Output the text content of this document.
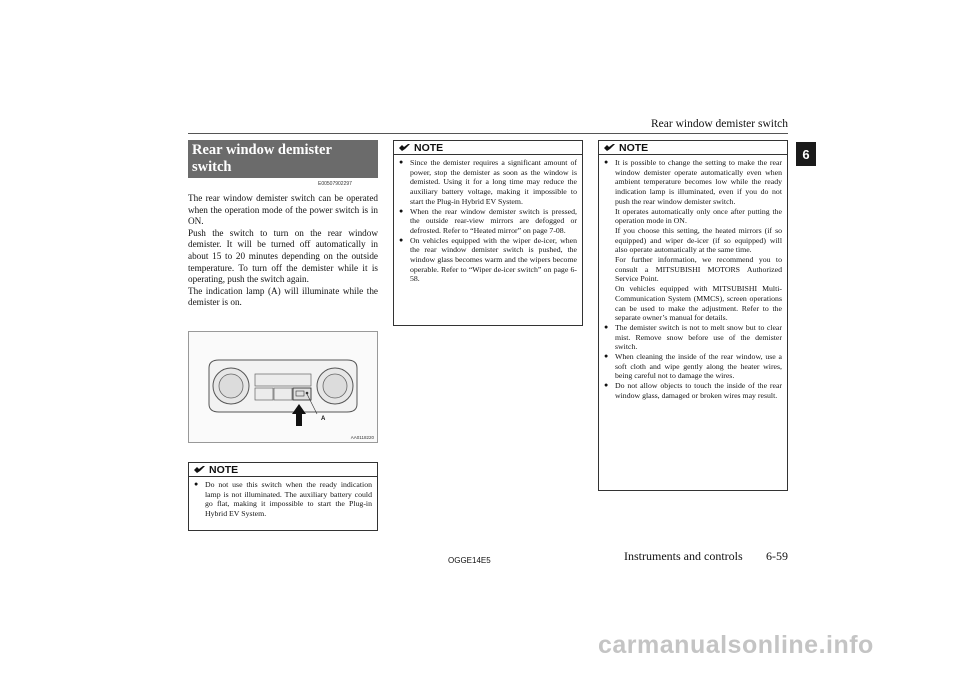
Rear window demister switch
6
Rear window demister switch
E00507902297

The rear window demister switch can be operated when the operation mode of the power switch is in ON.

Push the switch to turn on the rear window demister. It will be turned off automatically in about 15 to 20 minutes depending on the outside temperature. To turn off the demister while it is operating, push the switch again.

The indication lamp (A) will illuminate while the demister is on.

A
AA0118220
NOTE
● Do not use this switch when the ready indication lamp is not illuminated. The auxiliary battery could go flat, making it impossible to start the Plug-in Hybrid EV System.

NOTE
● Since the demister requires a significant amount of power, stop the demister as soon as the window is demisted. Using it for a long time may reduce the auxiliary battery voltage, making it impossible to start the Plug-in Hybrid EV System.

● When the rear window demister switch is pressed, the outside rear-view mirrors are defogged or defrosted. Refer to “Heated mirror” on page 7-08.

● On vehicles equipped with the wiper de-icer, when the rear window demister switch is pushed, the window glass becomes warm and the wipers become operable. Refer to “Wiper de-icer switch” on page 6-58.

NOTE
● It is possible to change the setting to make the rear window demister operate automatically even when ambient temperature becomes low while the ready indication lamp is illuminated, even if you do not push the rear window demister switch.

It operates automatically only once after putting the operation mode in ON.

If you choose this setting, the heated mirrors (if so equipped) and wiper de-icer (if so equipped) will also operate automatically at the same time.

For further information, we recommend you to consult a MITSUBISHI MOTORS Authorized Service Point.

On vehicles equipped with MITSUBISHI Multi-Communication System (MMCS), screen operations can be used to make the adjustment. Refer to the separate owner’s manual for details.

● The demister switch is not to melt snow but to clear mist. Remove snow before use of the demister switch.

● When cleaning the inside of the rear window, use a soft cloth and wipe gently along the heater wires, being careful not to damage the wires.

● Do not allow objects to touch the inside of the rear window glass, damaged or broken wires may result.

OGGE14E5	Instruments and controls 6-59
carmanualsonline.info
